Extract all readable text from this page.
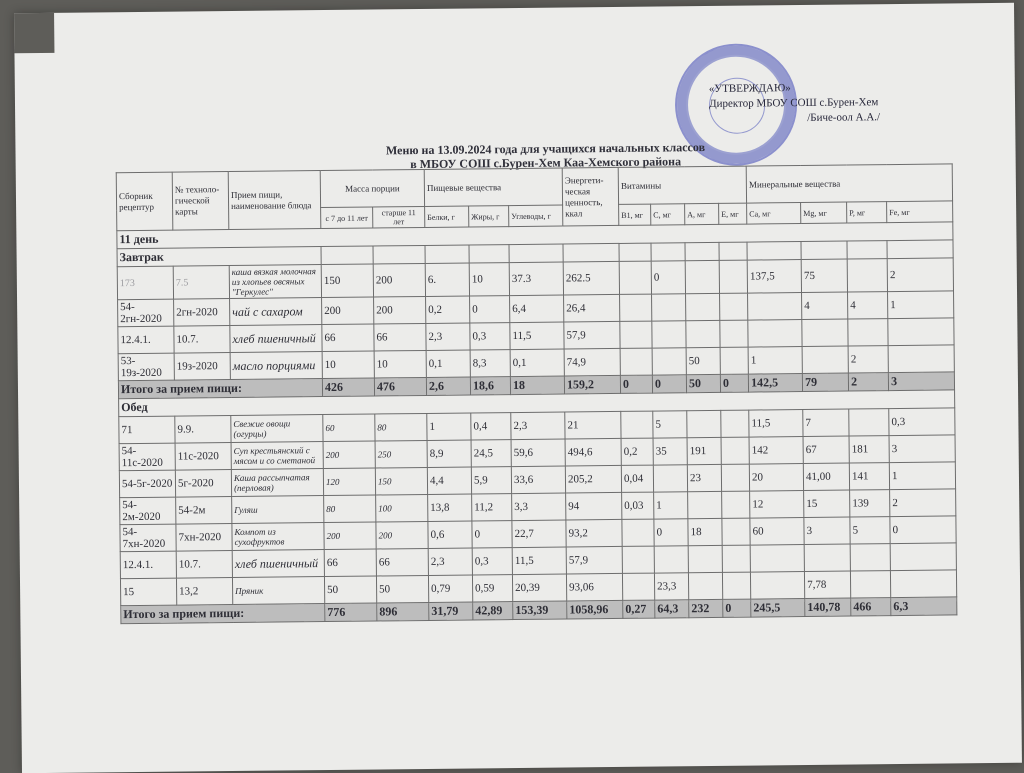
«УТВЕРЖДАЮ»
Директор МБОУ СОШ с.Бурен-Хем
/Биче-оол А.А./
Меню на 13.09.2024 года для учащихся начальных классов
в МБОУ СОШ с.Бурен-Хем Каа-Хемского района
Сборник рецептур	№ техноло-гической карты	Прием пищи, наименование блюда	Масса порции		Пищевые вещества			Энергети-ческая ценность, ккал	Витамины				Минеральные вещества			
			с 7 до 11 лет	старше 11 лет	Белки, г	Жиры, г	Углеводы, г		B1, мг	C, мг	A, мг	E, мг	Ca, мг	Mg, мг	P, мг	Fe, мг
11 день																
Завтрак																
173	7.5	каша вязкая молочная из хлопьев овсяных "Геркулес"	150	200	6.	10	37.3	262.5		0			137,5	75		2
54-2гн-2020	2гн-2020	чай с сахаром	200	200	0,2	0	6,4	26,4						4	4	1
12.4.1.	10.7.	хлеб пшеничный	66	66	2,3	0,3	11,5	57,9								
53-19з-2020	19з-2020	масло порциями	10	10	0,1	8,3	0,1	74,9			50		1		2	
Итого за прием пищи:			426	476	2,6	18,6	18	159,2	0	0	50	0	142,5	79	2	3
Обед																
71	9.9.	Свежие овощи (огурцы)	60	80	1	0,4	2,3	21		5			11,5	7		0,3
54-11с-2020	11с-2020	Суп крестьянский с мясом и со сметаной	200	250	8,9	24,5	59,6	494,6	0,2	35	191		142	67	181	3
54-5г-2020	5г-2020	Каша рассыпчатая (перловая)	120	150	4,4	5,9	33,6	205,2	0,04		23		20	41,00	141	1
54-2м-2020	54-2м	Гуляш	80	100	13,8	11,2	3,3	94	0,03	1			12	15	139	2
54-7хн-2020	7хн-2020	Компот из сухофруктов	200	200	0,6	0	22,7	93,2		0	18		60	3	5	0
12.4.1.	10.7.	хлеб пшеничный	66	66	2,3	0,3	11,5	57,9								
15	13,2	Пряник	50	50	0,79	0,59	20,39	93,06		23,3				7,78		
Итого за прием пищи:			776	896	31,79	42,89	153,39	1058,96	0,27	64,3	232	0	245,5	140,78	466	6,3
